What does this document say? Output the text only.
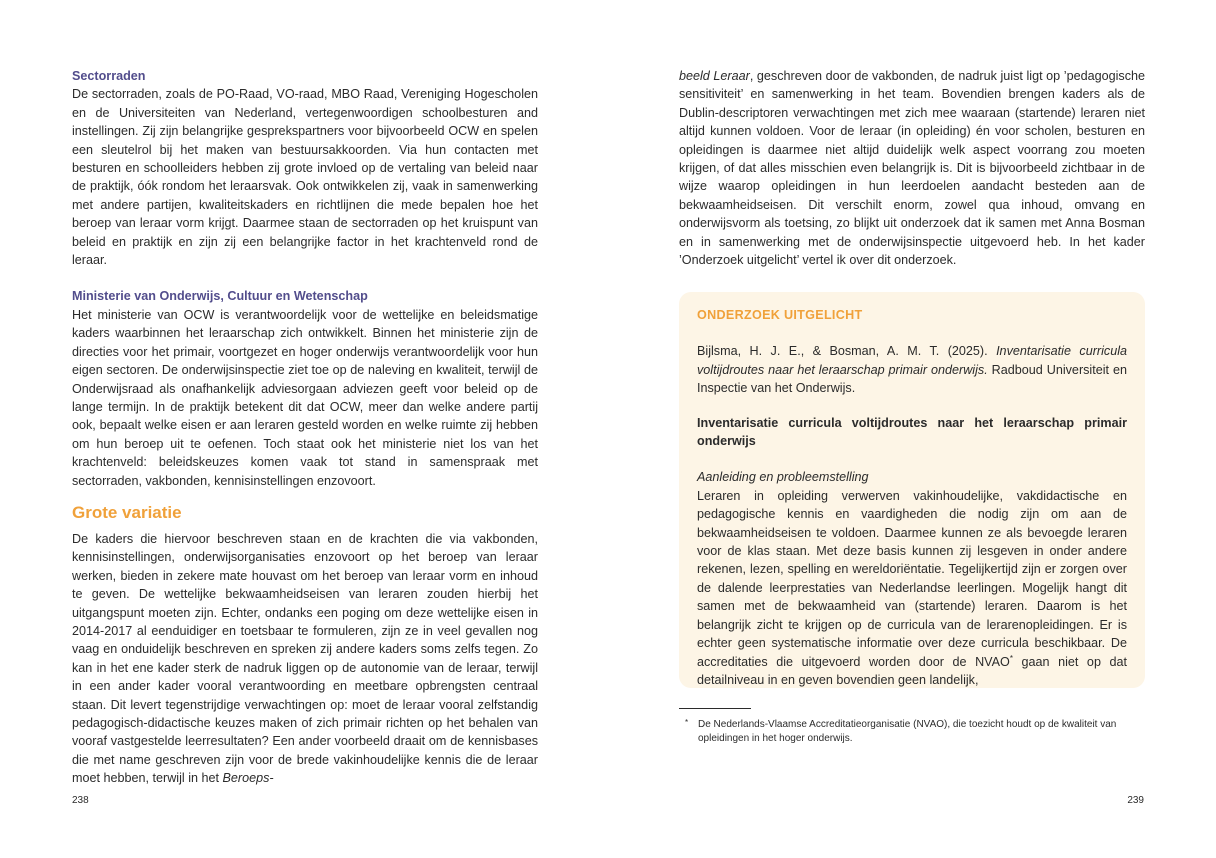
Sectorraden

De sectorraden, zoals de PO-Raad, VO-raad, MBO Raad, Vereniging Hogescholen en de Universiteiten van Nederland, vertegenwoordigen schoolbesturen and instellingen. Zij zijn belangrijke gesprekspartners voor bijvoorbeeld OCW en spelen een sleutelrol bij het maken van bestuursakkoorden. Via hun contacten met besturen en schoolleiders hebben zij grote invloed op de vertaling van beleid naar de praktijk, óók rondom het leraarsvak. Ook ontwikkelen zij, vaak in samenwerking met andere partijen, kwaliteitskaders en richtlijnen die mede bepalen hoe het beroep van leraar vorm krijgt. Daarmee staan de sectorraden op het kruispunt van beleid en praktijk en zijn zij een belangrijke factor in het krachtenveld rond de leraar.

Ministerie van Onderwijs, Cultuur en Wetenschap

Het ministerie van OCW is verantwoordelijk voor de wettelijke en beleidsmatige kaders waarbinnen het leraarschap zich ontwikkelt. Binnen het ministerie zijn de directies voor het primair, voortgezet en hoger onderwijs verantwoordelijk voor hun eigen sectoren. De onderwijsinspectie ziet toe op de naleving en kwaliteit, terwijl de Onderwijsraad als onafhankelijk adviesorgaan adviezen geeft voor beleid op de lange termijn. In de praktijk betekent dit dat OCW, meer dan welke andere partij ook, bepaalt welke eisen er aan leraren gesteld worden en welke ruimte zij hebben om hun beroep uit te oefenen. Toch staat ook het ministerie niet los van het krachtenveld: beleidskeuzes komen vaak tot stand in samenspraak met sectorraden, vakbonden, kennisinstellingen enzovoort.

Grote variatie

De kaders die hiervoor beschreven staan en de krachten die via vakbonden, kennisinstellingen, onderwijsorganisaties enzovoort op het beroep van leraar werken, bieden in zekere mate houvast om het beroep van leraar vorm en inhoud te geven. De wettelijke bekwaamheidseisen van leraren zouden hierbij het uitgangspunt moeten zijn. Echter, ondanks een poging om deze wettelijke eisen in 2014-2017 al eenduidiger en toetsbaar te formuleren, zijn ze in veel gevallen nog vaag en onduidelijk beschreven en spreken zij andere kaders soms zelfs tegen. Zo kan in het ene kader sterk de nadruk liggen op de autonomie van de leraar, terwijl in een ander kader vooral verantwoording en meetbare opbrengsten centraal staan. Dit levert tegenstrijdige verwachtingen op: moet de leraar vooral zelfstandig pedagogisch-didactische keuzes maken of zich primair richten op het behalen van vooraf vastgestelde leerresultaten? Een ander voorbeeld draait om de kennisbases die met name geschreven zijn voor de brede vakinhoudelijke kennis die de leraar moet hebben, terwijl in het Beroeps-

238

beeld Leraar, geschreven door de vakbonden, de nadruk juist ligt op ’pedagogische sensitiviteit’ en samenwerking in het team. Bovendien brengen kaders als de Dublin-descriptoren verwachtingen met zich mee waaraan (startende) leraren niet altijd kunnen voldoen. Voor de leraar (in opleiding) én voor scholen, besturen en opleidingen is daarmee niet altijd duidelijk welk aspect voorrang zou moeten krijgen, of dat alles misschien even belangrijk is. Dit is bijvoorbeeld zichtbaar in de wijze waarop opleidingen in hun leerdoelen aandacht besteden aan de bekwaamheidseisen. Dit verschilt enorm, zowel qua inhoud, omvang en onderwijsvorm als toetsing, zo blijkt uit onderzoek dat ik samen met Anna Bosman en in samenwerking met de onderwijsinspectie uitgevoerd heb. In het kader ’Onderzoek uitgelicht’ vertel ik over dit onderzoek.

ONDERZOEK UITGELICHT

Bijlsma, H. J. E., & Bosman, A. M. T. (2025). Inventarisatie curricula voltijdroutes naar het leraarschap primair onderwijs. Radboud Universiteit en Inspectie van het Onderwijs.

Inventarisatie curricula voltijdroutes naar het leraarschap primair onderwijs

Aanleiding en probleemstelling

Leraren in opleiding verwerven vakinhoudelijke, vakdidactische en pedagogische kennis en vaardigheden die nodig zijn om aan de bekwaamheidseisen te voldoen. Daarmee kunnen ze als bevoegde leraren voor de klas staan. Met deze basis kunnen zij lesgeven in onder andere rekenen, lezen, spelling en wereldoriëntatie. Tegelijkertijd zijn er zorgen over de dalende leerprestaties van Nederlandse leerlingen. Mogelijk hangt dit samen met de bekwaamheid van (startende) leraren. Daarom is het belangrijk zicht te krijgen op de curricula van de lerarenopleidingen. Er is echter geen systematische informatie over deze curricula beschikbaar. De accreditaties die uitgevoerd worden door de NVAO* gaan niet op dat detailniveau in en geven bovendien geen landelijk,

* De Nederlands-Vlaamse Accreditatieorganisatie (NVAO), die toezicht houdt op de kwaliteit van opleidingen in het hoger onderwijs.
239
